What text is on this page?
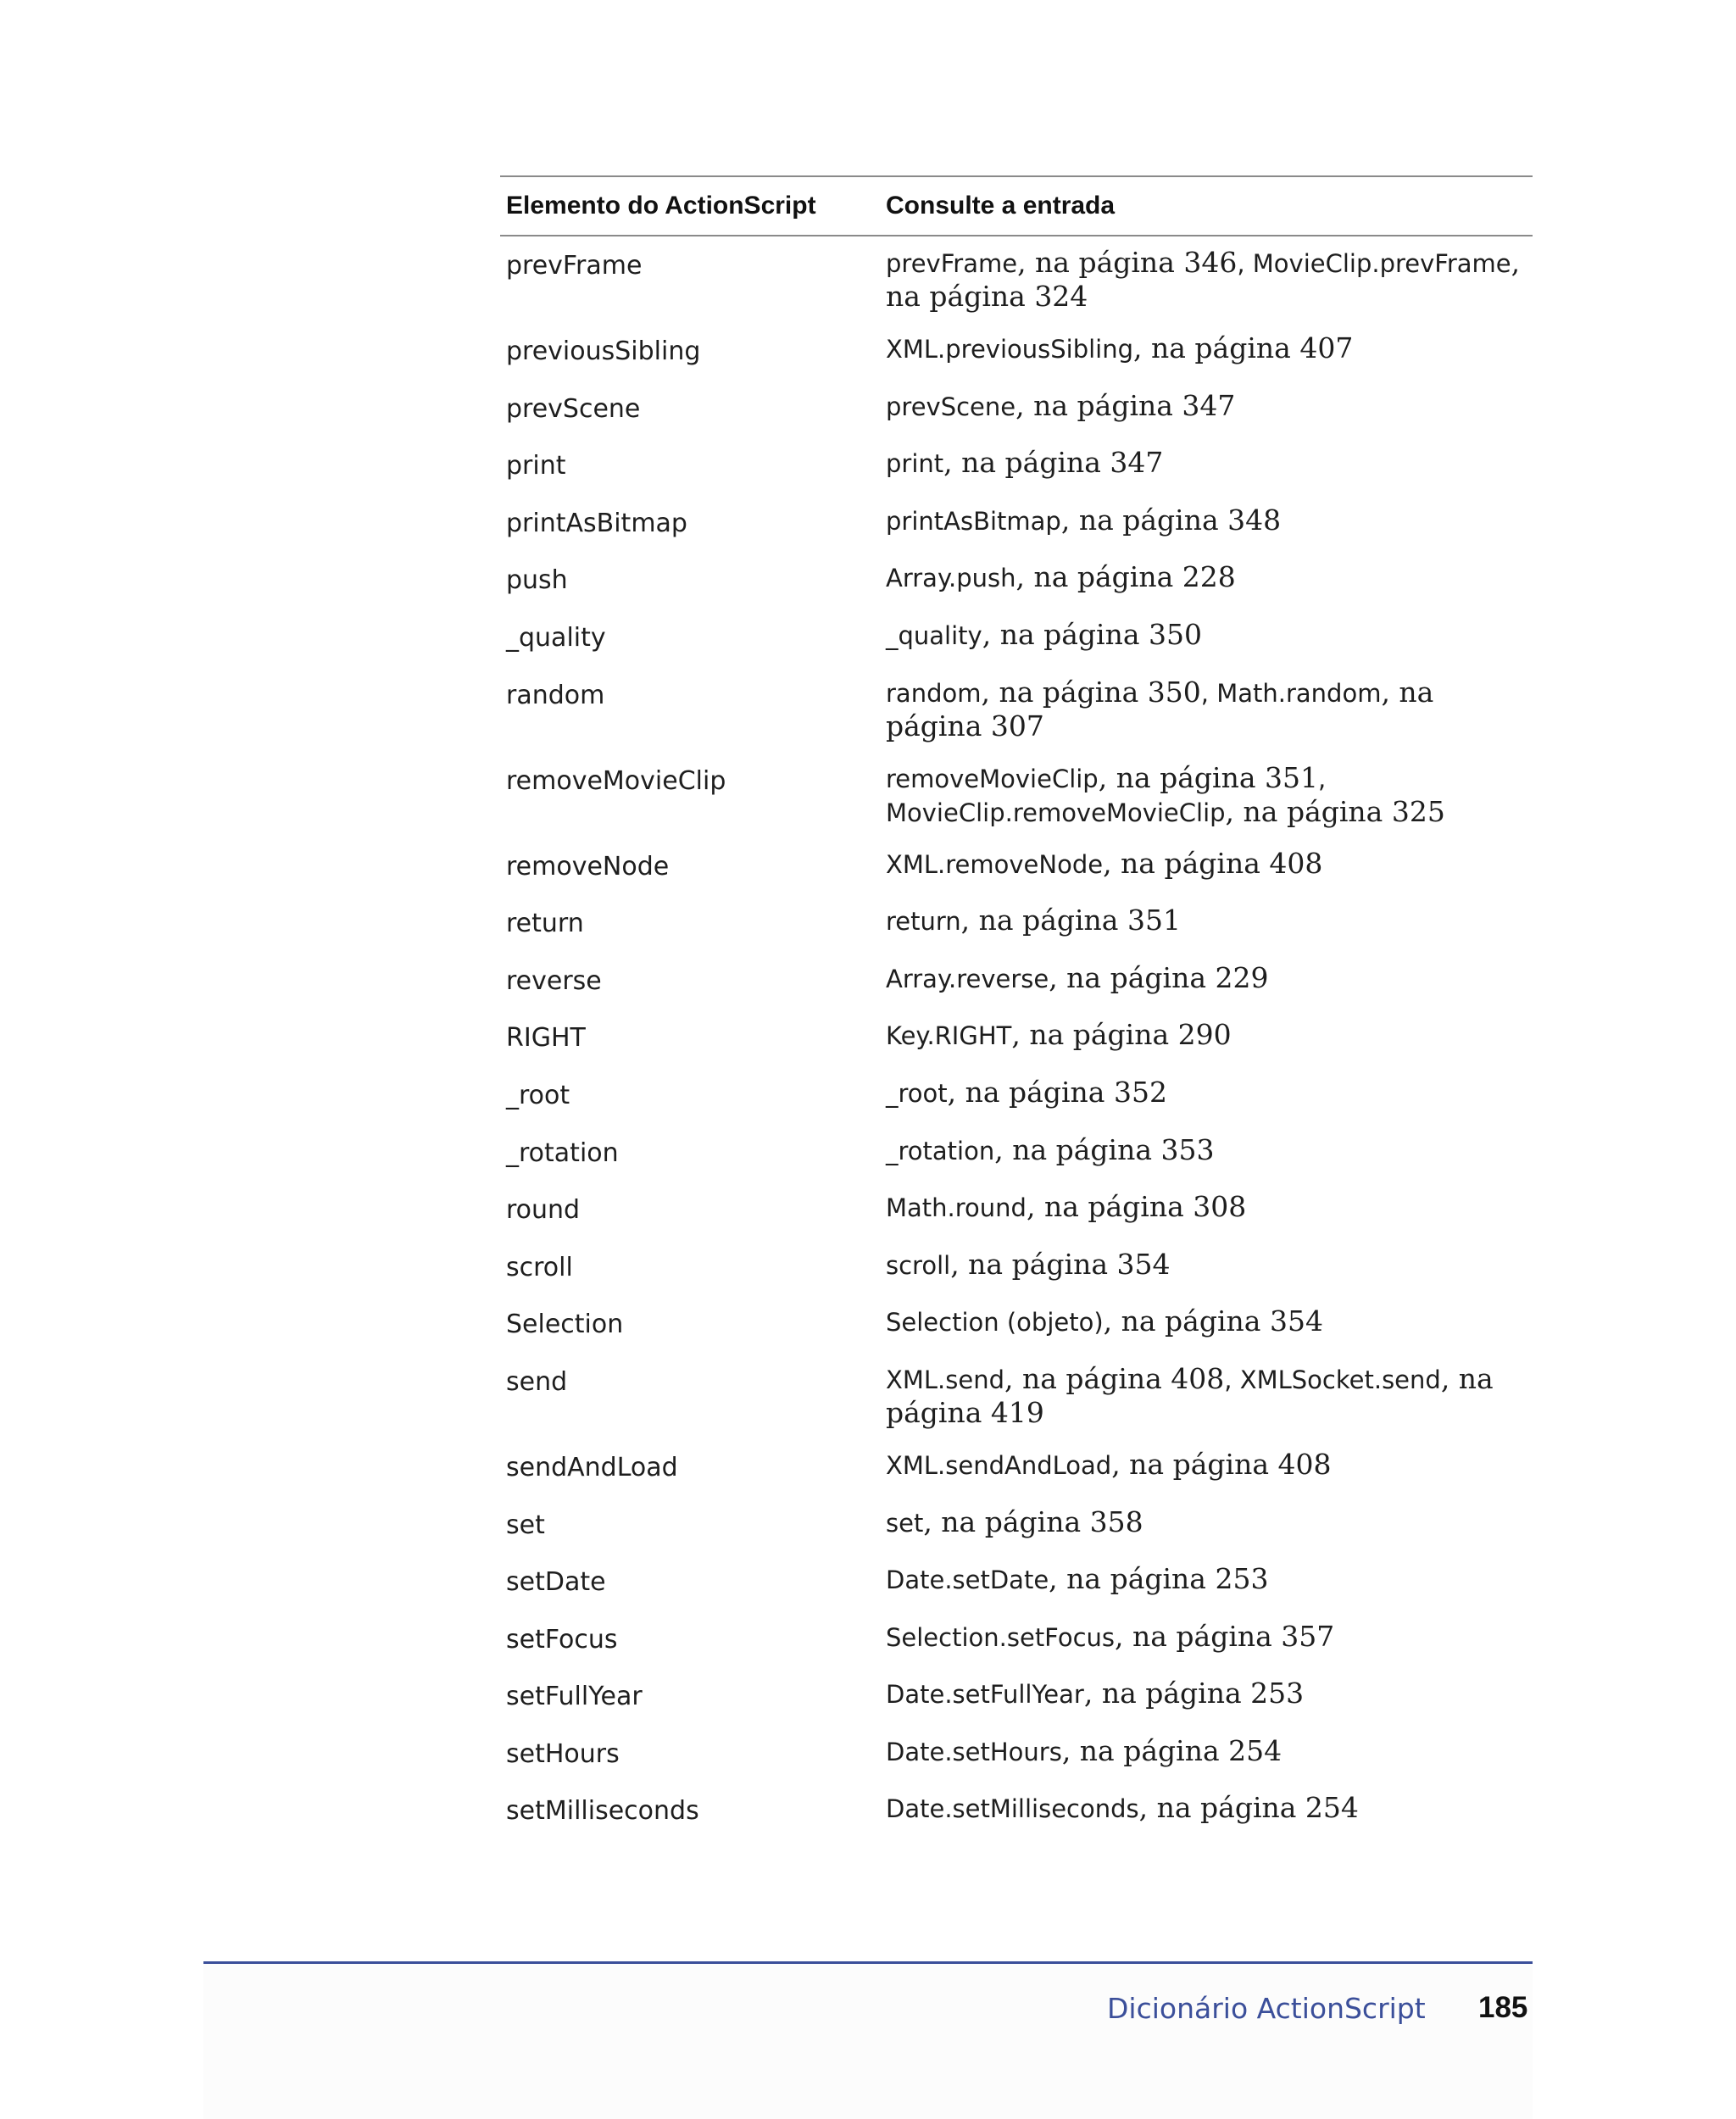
Elemento do ActionScript	Consulte a entrada
prevFrame	prevFrame, na página 346, MovieClip.prevFrame, na página 324
previousSibling	XML.previousSibling, na página 407
prevScene	prevScene, na página 347
print	print, na página 347
printAsBitmap	printAsBitmap, na página 348
push	Array.push, na página 228
_quality	_quality, na página 350
random	random, na página 350, Math.random, na página 307
removeMovieClip	removeMovieClip, na página 351, MovieClip.removeMovieClip, na página 325
removeNode	XML.removeNode, na página 408
return	return, na página 351
reverse	Array.reverse, na página 229
RIGHT	Key.RIGHT, na página 290
_root	_root, na página 352
_rotation	_rotation, na página 353
round	Math.round, na página 308
scroll	scroll, na página 354
Selection	Selection (objeto), na página 354
send	XML.send, na página 408, XMLSocket.send, na página 419
sendAndLoad	XML.sendAndLoad, na página 408
set	set, na página 358
setDate	Date.setDate, na página 253
setFocus	Selection.setFocus, na página 357
setFullYear	Date.setFullYear, na página 253
setHours	Date.setHours, na página 254
setMilliseconds	Date.setMilliseconds, na página 254
Dicionário ActionScript 185
